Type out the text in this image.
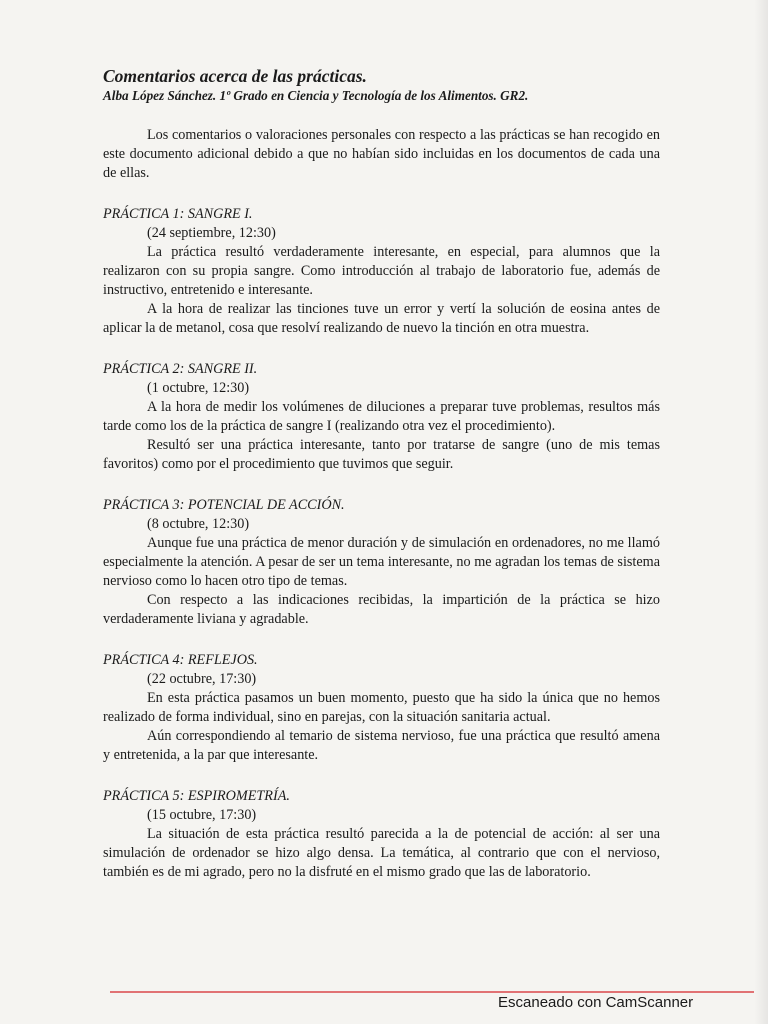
Comentarios acerca de las prácticas.

Alba López Sánchez. 1º Grado en Ciencia y Tecnología de los Alimentos. GR2.

Los comentarios o valoraciones personales con respecto a las prácticas se han recogido en este documento adicional debido a que no habían sido incluidas en los documentos de cada una de ellas.

PRÁCTICA 1: SANGRE I.

(24 septiembre, 12:30)

La práctica resultó verdaderamente interesante, en especial, para alumnos que la realizaron con su propia sangre. Como introducción al trabajo de laboratorio fue, además de instructivo, entretenido e interesante.

A la hora de realizar las tinciones tuve un error y vertí la solución de eosina antes de aplicar la de metanol, cosa que resolví realizando de nuevo la tinción en otra muestra.

PRÁCTICA 2: SANGRE II.

(1 octubre, 12:30)

A la hora de medir los volúmenes de diluciones a preparar tuve problemas, resultos más tarde como los de la práctica de sangre I (realizando otra vez el procedimiento).

Resultó ser una práctica interesante, tanto por tratarse de sangre (uno de mis temas favoritos) como por el procedimiento que tuvimos que seguir.

PRÁCTICA 3: POTENCIAL DE ACCIÓN.

(8 octubre, 12:30)

Aunque fue una práctica de menor duración y de simulación en ordenadores, no me llamó especialmente la atención. A pesar de ser un tema interesante, no me agradan los temas de sistema nervioso como lo hacen otro tipo de temas.

Con respecto a las indicaciones recibidas, la impartición de la práctica se hizo verdaderamente liviana y agradable.

PRÁCTICA 4: REFLEJOS.

(22 octubre, 17:30)

En esta práctica pasamos un buen momento, puesto que ha sido la única que no hemos realizado de forma individual, sino en parejas, con la situación sanitaria actual.

Aún correspondiendo al temario de sistema nervioso, fue una práctica que resultó amena y entretenida, a la par que interesante.

PRÁCTICA 5: ESPIROMETRÍA.

(15 octubre, 17:30)

La situación de esta práctica resultó parecida a la de potencial de acción: al ser una simulación de ordenador se hizo algo densa. La temática, al contrario que con el nervioso, también es de mi agrado, pero no la disfruté en el mismo grado que las de laboratorio.

Escaneado con CamScanner
